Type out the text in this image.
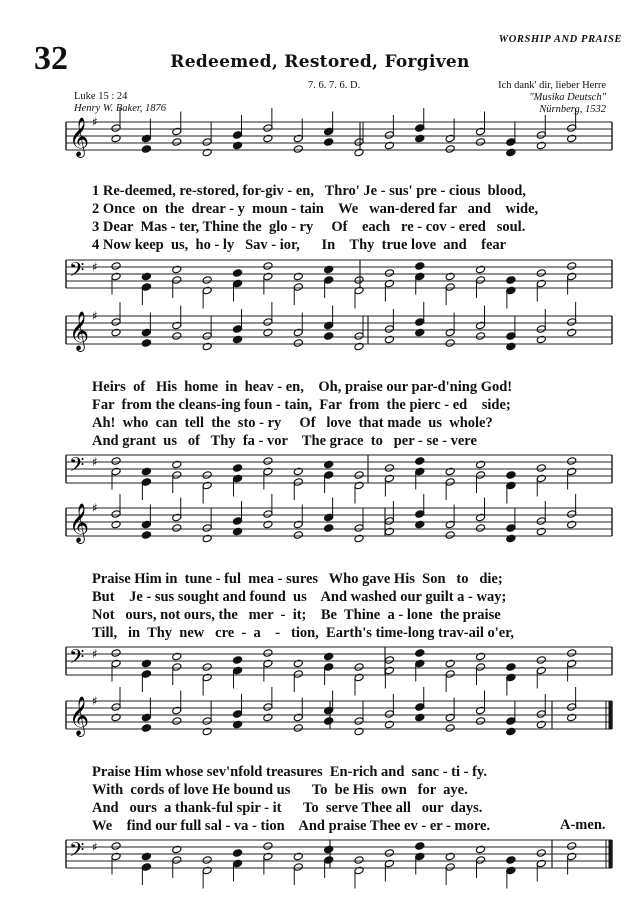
32
WORSHIP AND PRAISE
Redeemed, Restored, Forgiven
7. 6. 7. 6. D.	Ich dank' dir, lieber Herre
"Musika Deutsch"
Nürnberg, 1532
Luke 15 : 24
Henry W. Baker, 1876
𝄞 ♯
𝄞 ♯
𝄞 ♯
𝄞 ♯
𝄢 ♯
𝄢 ♯
𝄢 ♯
𝄢 ♯
1 Re-deemed, re-stored, for-giv - en,   Thro' Je - sus' pre - cious  blood,
2 Once  on  the  drear - y  moun - tain    We   wan-dered far   and    wide,
3 Dear  Mas - ter, Thine the  glo - ry     Of    each   re - cov - ered   soul.
4 Now keep  us,  ho - ly   Sav - ior,      In    Thy  true love  and    fear
Heirs  of   His  home  in  heav - en,    Oh, praise our par-d'ning God!
Far  from the cleans-ing foun - tain,  Far  from  the pierc - ed    side;
Ah!  who  can  tell  the  sto - ry     Of   love  that made  us  whole?
And grant  us   of   Thy  fa - vor    The grace  to   per - se - vere
Praise Him in  tune - ful  mea - sures   Who gave His  Son   to   die;
But    Je - sus sought and found  us    And washed our guilt a - way;
Not   ours, not ours, the   mer  -  it;    Be  Thine  a - lone  the praise
Till,   in  Thy  new   cre  -  a    -   tion,  Earth's time-long trav-ail o'er,
Praise Him whose sev'nfold treasures  En-rich and  sanc - ti - fy.
With  cords of love He bound us      To  be His  own   for  aye.
And   ours  a thank-ful spir - it      To  serve Thee all   our  days.
We    find our full sal - va - tion    And praise Thee ev - er - more.	A-men.
